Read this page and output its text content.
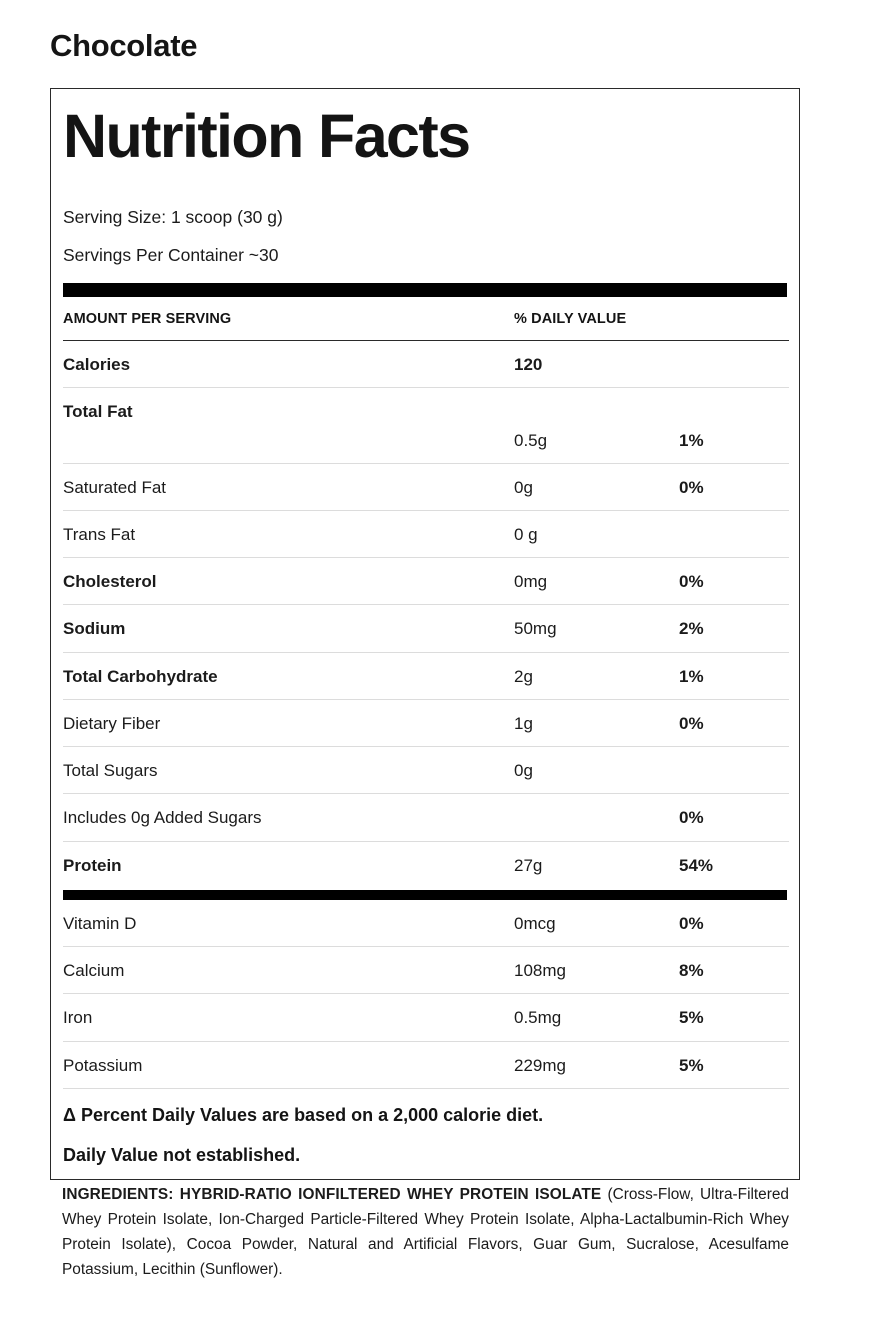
Chocolate
Nutrition Facts
Serving Size: 1 scoop (30 g)
Servings Per Container ~30
AMOUNT PER SERVING	% DAILY VALUE	
Calories	120	
Total Fat	0.5g	1%
Saturated Fat	0g	0%
Trans Fat	0 g	
Cholesterol	0mg	0%
Sodium	50mg	2%
Total Carbohydrate	2g	1%
Dietary Fiber	1g	0%
Total Sugars	0g	
Includes 0g Added Sugars		0%
Protein	27g	54%
Vitamin D	0mcg	0%
Calcium	108mg	8%
Iron	0.5mg	5%
Potassium	229mg	5%
Δ Percent Daily Values are based on a 2,000 calorie diet.
Daily Value not established.
INGREDIENTS: HYBRID-RATIO IONFILTERED WHEY PROTEIN ISOLATE (Cross-Flow, Ultra-Filtered Whey Protein Isolate, Ion-Charged Particle-Filtered Whey Protein Isolate, Alpha-Lactalbumin-Rich Whey Protein Isolate), Cocoa Powder, Natural and Artificial Flavors, Guar Gum, Sucralose, Acesulfame Potassium, Lecithin (Sunflower).
